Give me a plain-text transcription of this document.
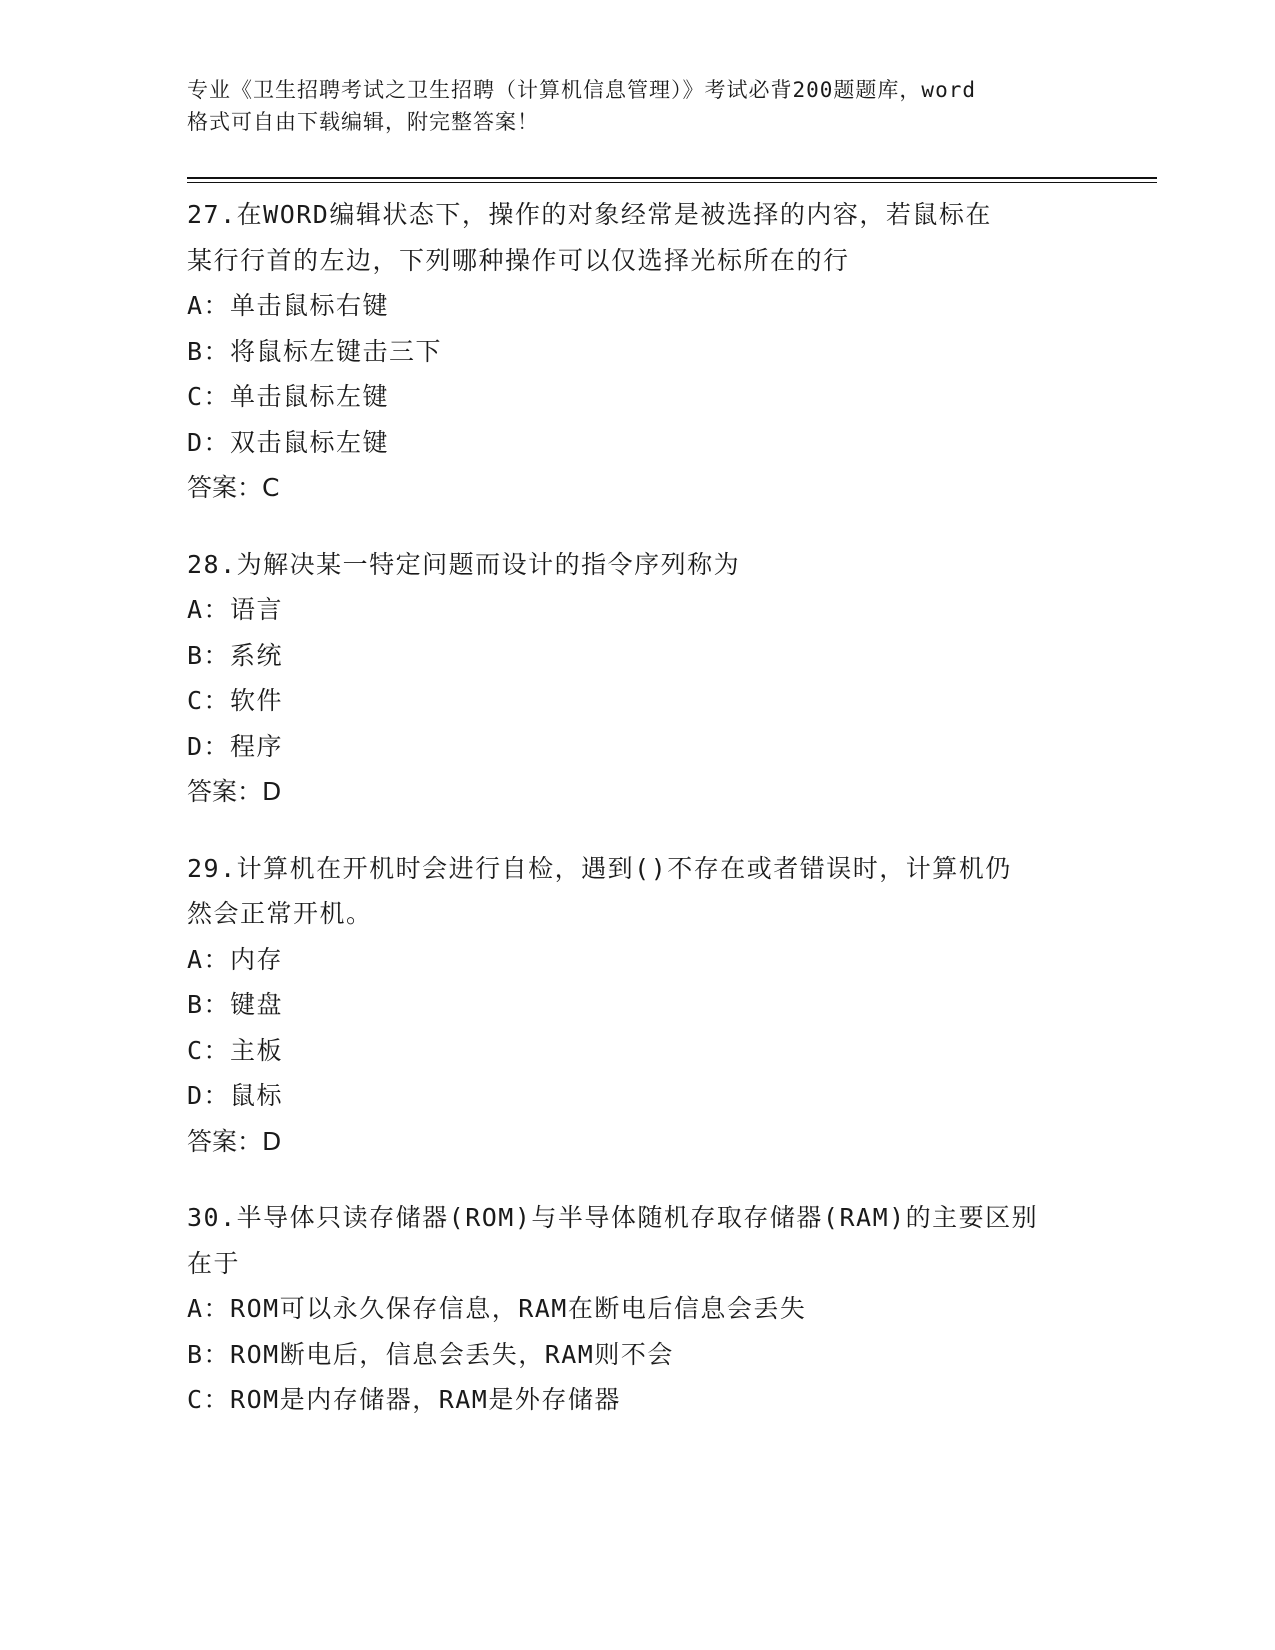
专业《卫生招聘考试之卫生招聘（计算机信息管理）》考试必背200题题库，word
格式可自由下载编辑，附完整答案！
27.在WORD编辑状态下，操作的对象经常是被选择的内容，若鼠标在
某行行首的左边，下列哪种操作可以仅选择光标所在的行
A：单击鼠标右键
B：将鼠标左键击三下
C：单击鼠标左键
D：双击鼠标左键
答案：C
28.为解决某一特定问题而设计的指令序列称为
A：语言
B：系统
C：软件
D：程序
答案：D
29.计算机在开机时会进行自检，遇到()不存在或者错误时，计算机仍
然会正常开机。
A：内存
B：键盘
C：主板
D：鼠标
答案：D
30.半导体只读存储器(ROM)与半导体随机存取存储器(RAM)的主要区别
在于
A：ROM可以永久保存信息，RAM在断电后信息会丢失
B：ROM断电后，信息会丢失，RAM则不会
C：ROM是内存储器，RAM是外存储器
